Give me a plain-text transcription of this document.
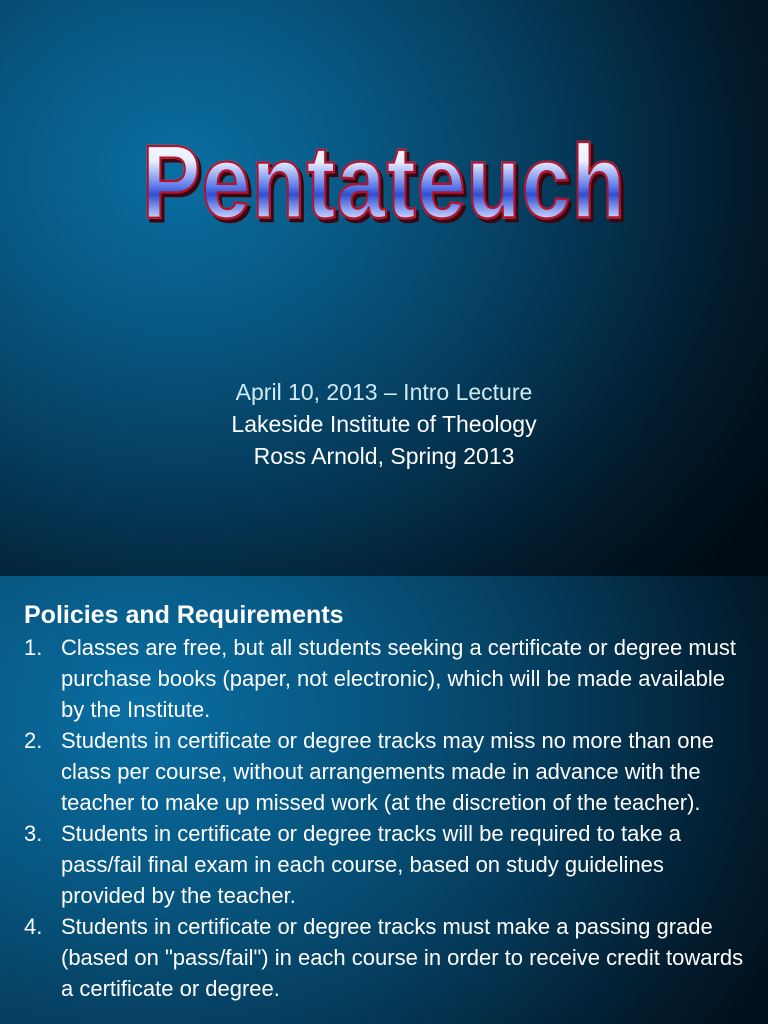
Pentateuch
April 10, 2013 – Intro Lecture
Lakeside Institute of Theology
Ross Arnold, Spring 2013
Policies and Requirements
1. Classes are free, but all students seeking a certificate or degree must purchase books (paper, not electronic), which will be made available by the Institute.
2. Students in certificate or degree tracks may miss no more than one class per course, without arrangements made in advance with the teacher to make up missed work (at the discretion of the teacher).
3. Students in certificate or degree tracks will be required to take a pass/fail final exam in each course, based on study guidelines provided by the teacher.
4. Students in certificate or degree tracks must make a passing grade (based on "pass/fail") in each course in order to receive credit towards a certificate or degree.
